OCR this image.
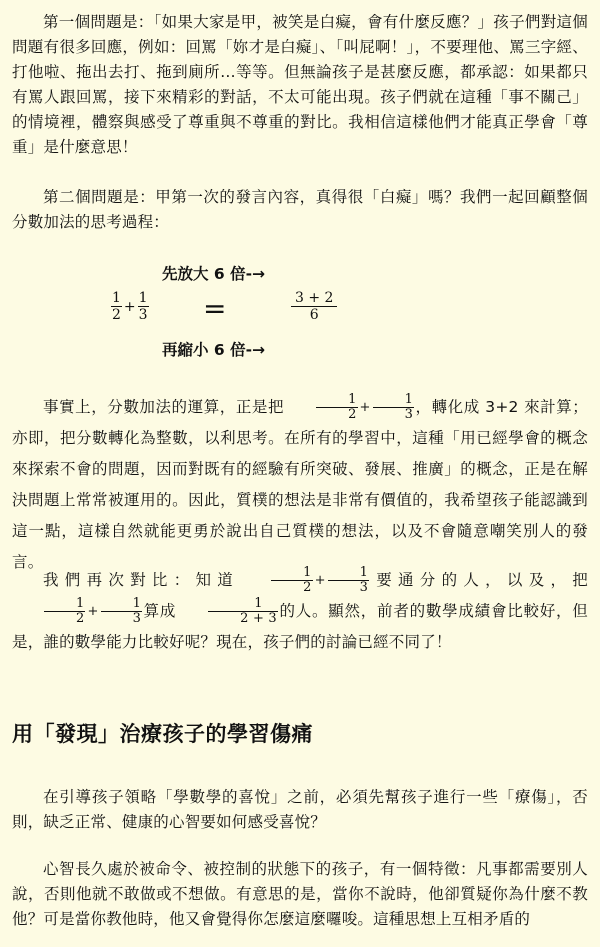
第一個問題是：「如果大家是甲，被笑是白癡，會有什麼反應？」孩子們對這個問題有很多回應，例如：回罵「妳才是白癡」、「叫屁啊！」，不要理他、罵三字經、打他啦、拖出去打、拖到廁所…等等。但無論孩子是甚麼反應，都承認：如果都只有罵人跟回罵，接下來精彩的對話，不太可能出現。孩子們就在這種「事不關己」的情境裡，體察與感受了尊重與不尊重的對比。我相信這樣他們才能真正學會「尊重」是什麼意思！

第二個問題是：甲第一次的發言內容，真得很「白癡」嗎？我們一起回顧整個分數加法的思考過程：

先放大 6 倍-→
$\frac{1}{2} + \frac{1}{3}$ =	$\frac{3 + 2}{6}$
再縮小 6 倍-→

事實上，分數加法的運算，正是把 $\frac{1}{2} + \frac{1}{3}$ ，轉化成 3+2 來計算；亦即，把分數轉化為整數，以利思考。在所有的學習中，這種「用已經學會的概念來探索不會的問題，因而對既有的經驗有所突破、發展、推廣」的概念，正是在解決問題上常常被運用的。因此，質樸的想法是非常有價值的，我希望孩子能認識到這一點，這樣自然就能更勇於說出自己質樸的想法，以及不會隨意嘲笑別人的發言。

我們再次對比：知道 $\frac{1}{2} + \frac{1}{3}$ 要通分的人，以及，把
$\frac{1}{2} + \frac{1}{3}$ 算成 $\frac{1}{2 + 3}$ 的人。顯然，前者的數學成績會比較好，但是，誰的數學能力比較好呢？現在，孩子們的討論已經不同了！

用「發現」治療孩子的學習傷痛

在引導孩子領略「學數學的喜悅」之前，必須先幫孩子進行一些「療傷」，否則，缺乏正常、健康的心智要如何感受喜悅？

心智長久處於被命令、被控制的狀態下的孩子，有一個特徵：凡事都需要別人說，否則他就不敢做或不想做。有意思的是，當你不說時，他卻質疑你為什麼不教他？可是當你教他時，他又會覺得你怎麼這麼囉唆。這種思想上互相矛盾的
